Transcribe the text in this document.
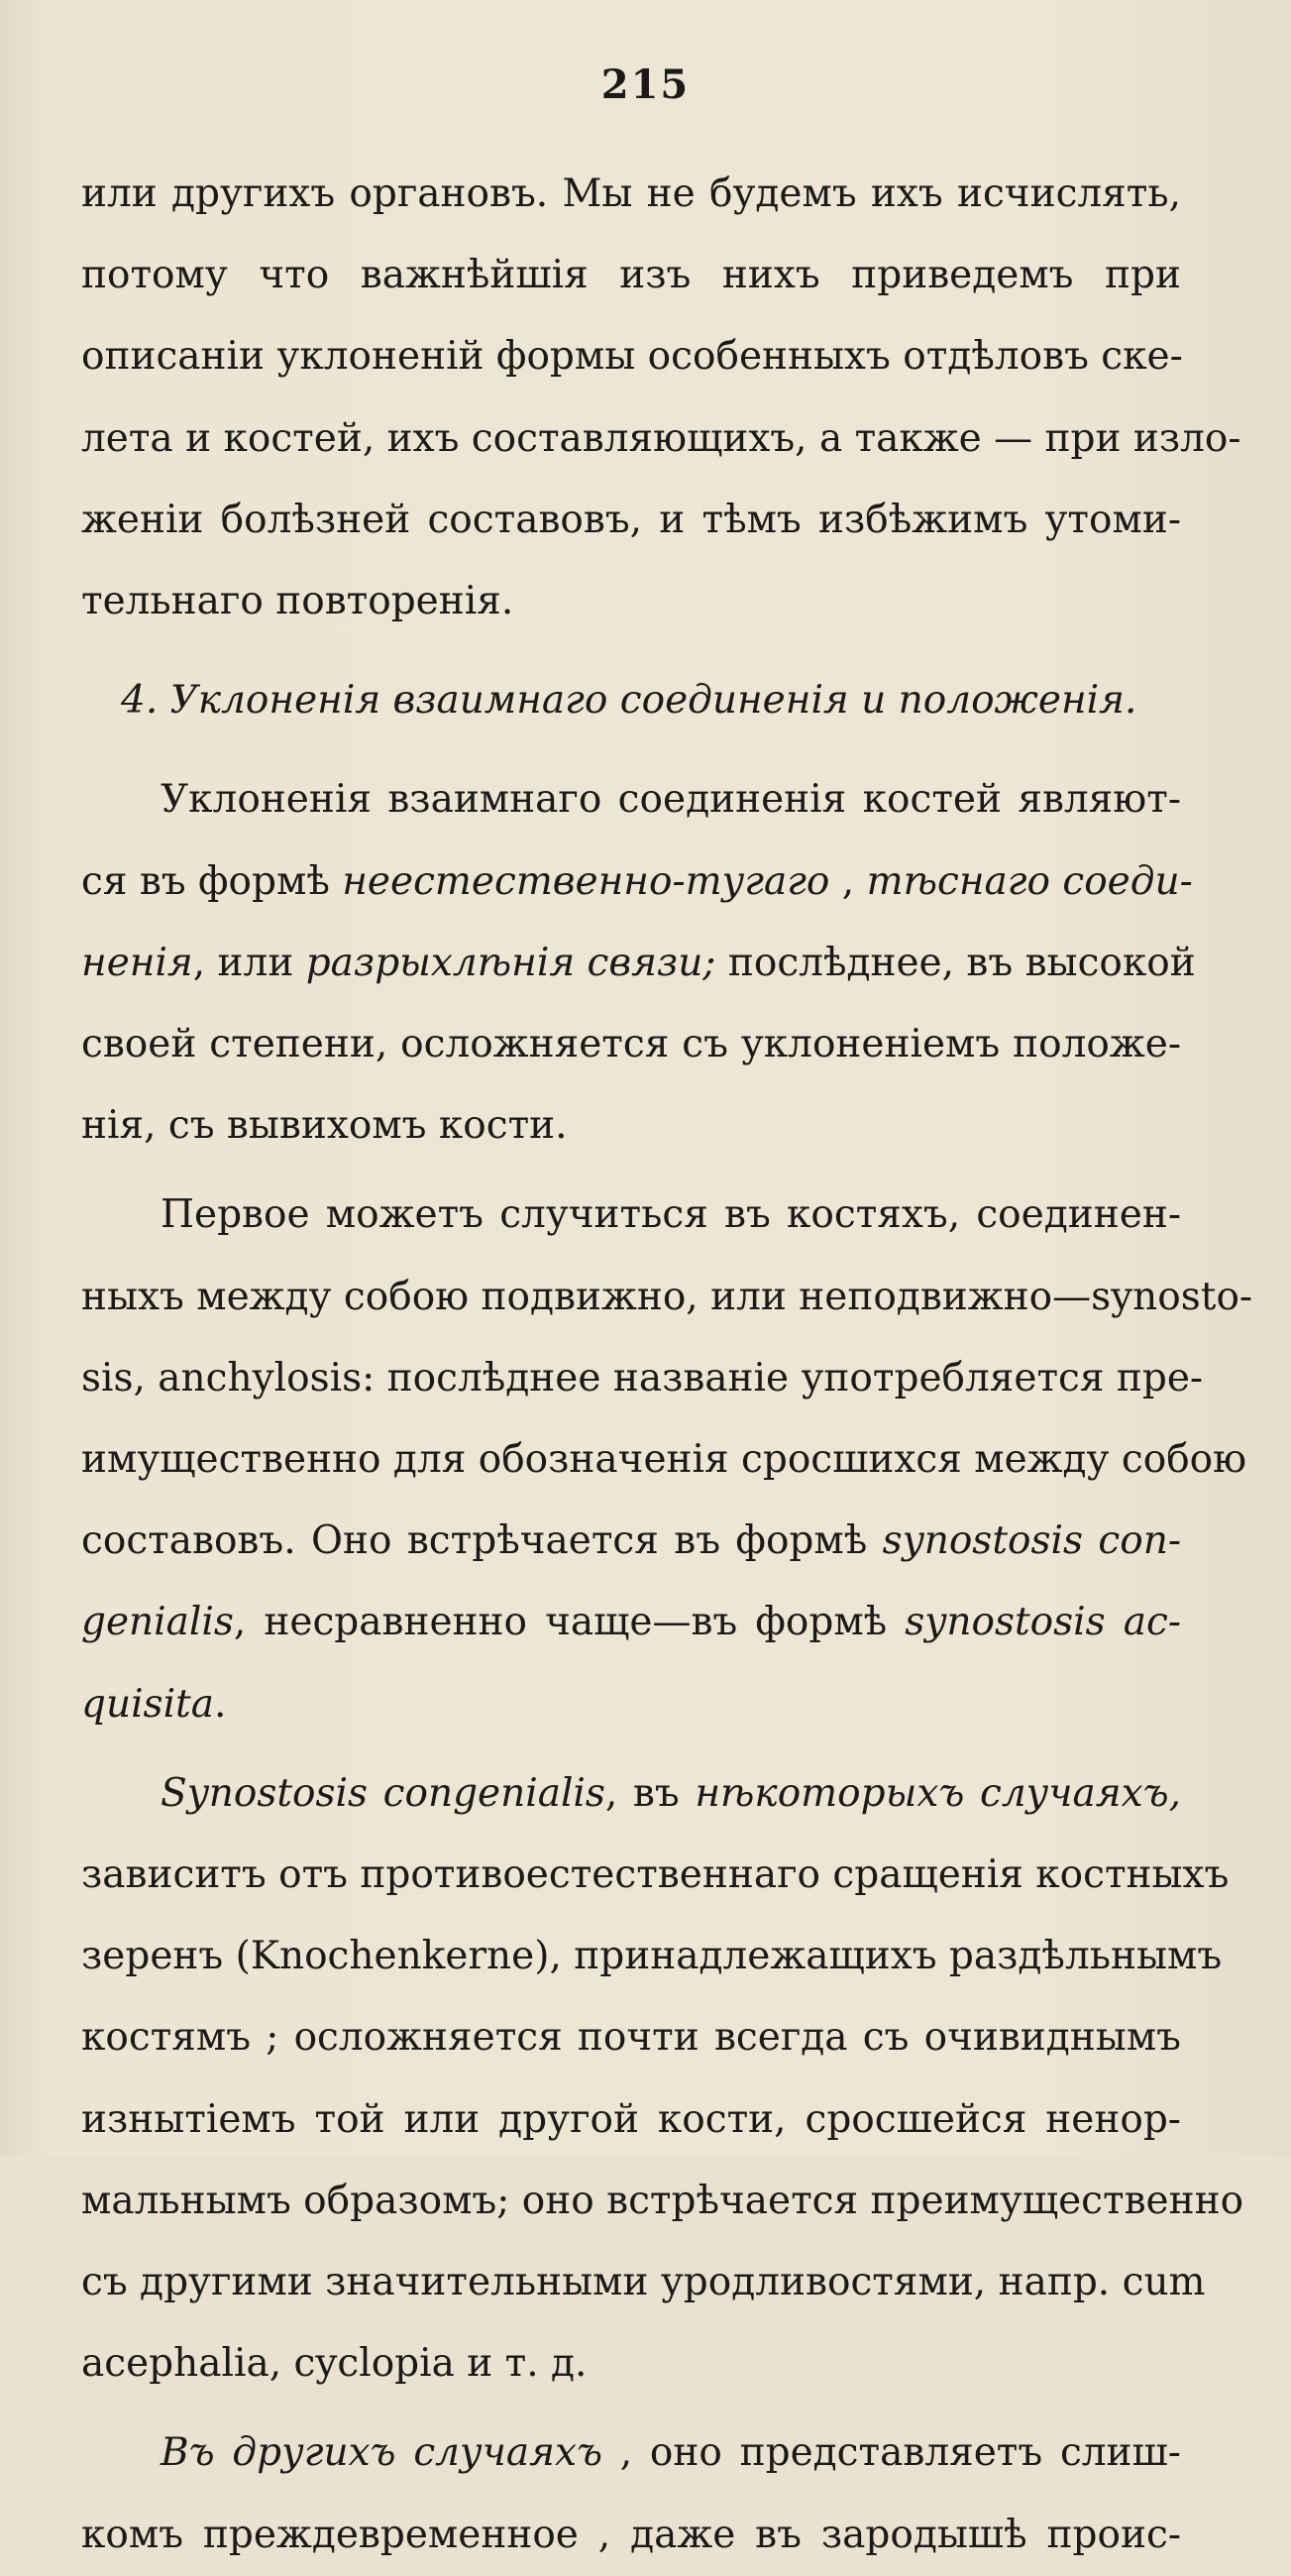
215
или другихъ органовъ. Мы не будемъ ихъ исчислять,
потому что важнѣйшія изъ нихъ приведемъ при
описаніи уклоненій формы особенныхъ отдѣловъ ске-
лета и костей, ихъ составляющихъ, а также — при изло-
женіи болѣзней составовъ, и тѣмъ избѣжимъ утоми-
тельнаго повторенія.
4. Уклоненія взаимнаго соединенія и положенія.
Уклоненія взаимнаго соединенія костей являют-
ся въ формѣ неестественно-тугаго , тѣснаго соеди-
ненія, или разрыхлѣнія связи; послѣднее, въ высокой
своей степени, осложняется съ уклоненіемъ положе-
нія, съ вывихомъ кости.
Первое можетъ случиться въ костяхъ, соединен-
ныхъ между собою подвижно, или неподвижно—synosto-
sis, anchylosis: послѣднее названіе употребляется пре-
имущественно для обозначенія сросшихся между собою
составовъ. Оно встрѣчается въ формѣ synostosis con-
genialis, несравненно чаще—въ формѣ synostosis ac-
quisita.
Synostosis congenialis, въ нѣкоторыхъ случаяхъ,
зависитъ отъ противоестественнаго сращенія костныхъ
зеренъ (Knochenkerne), принадлежащихъ раздѣльнымъ
костямъ ; осложняется почти всегда съ очивиднымъ
изнытіемъ той или другой кости, сросшейся ненор-
мальнымъ образомъ; оно встрѣчается преимущественно
съ другими значительными уродливостями, напр. cum
acephalia, cyclopia и т. д.
Въ другихъ случаяхъ , оно представляетъ слиш-
комъ преждевременное , даже въ зародышѣ проис-
